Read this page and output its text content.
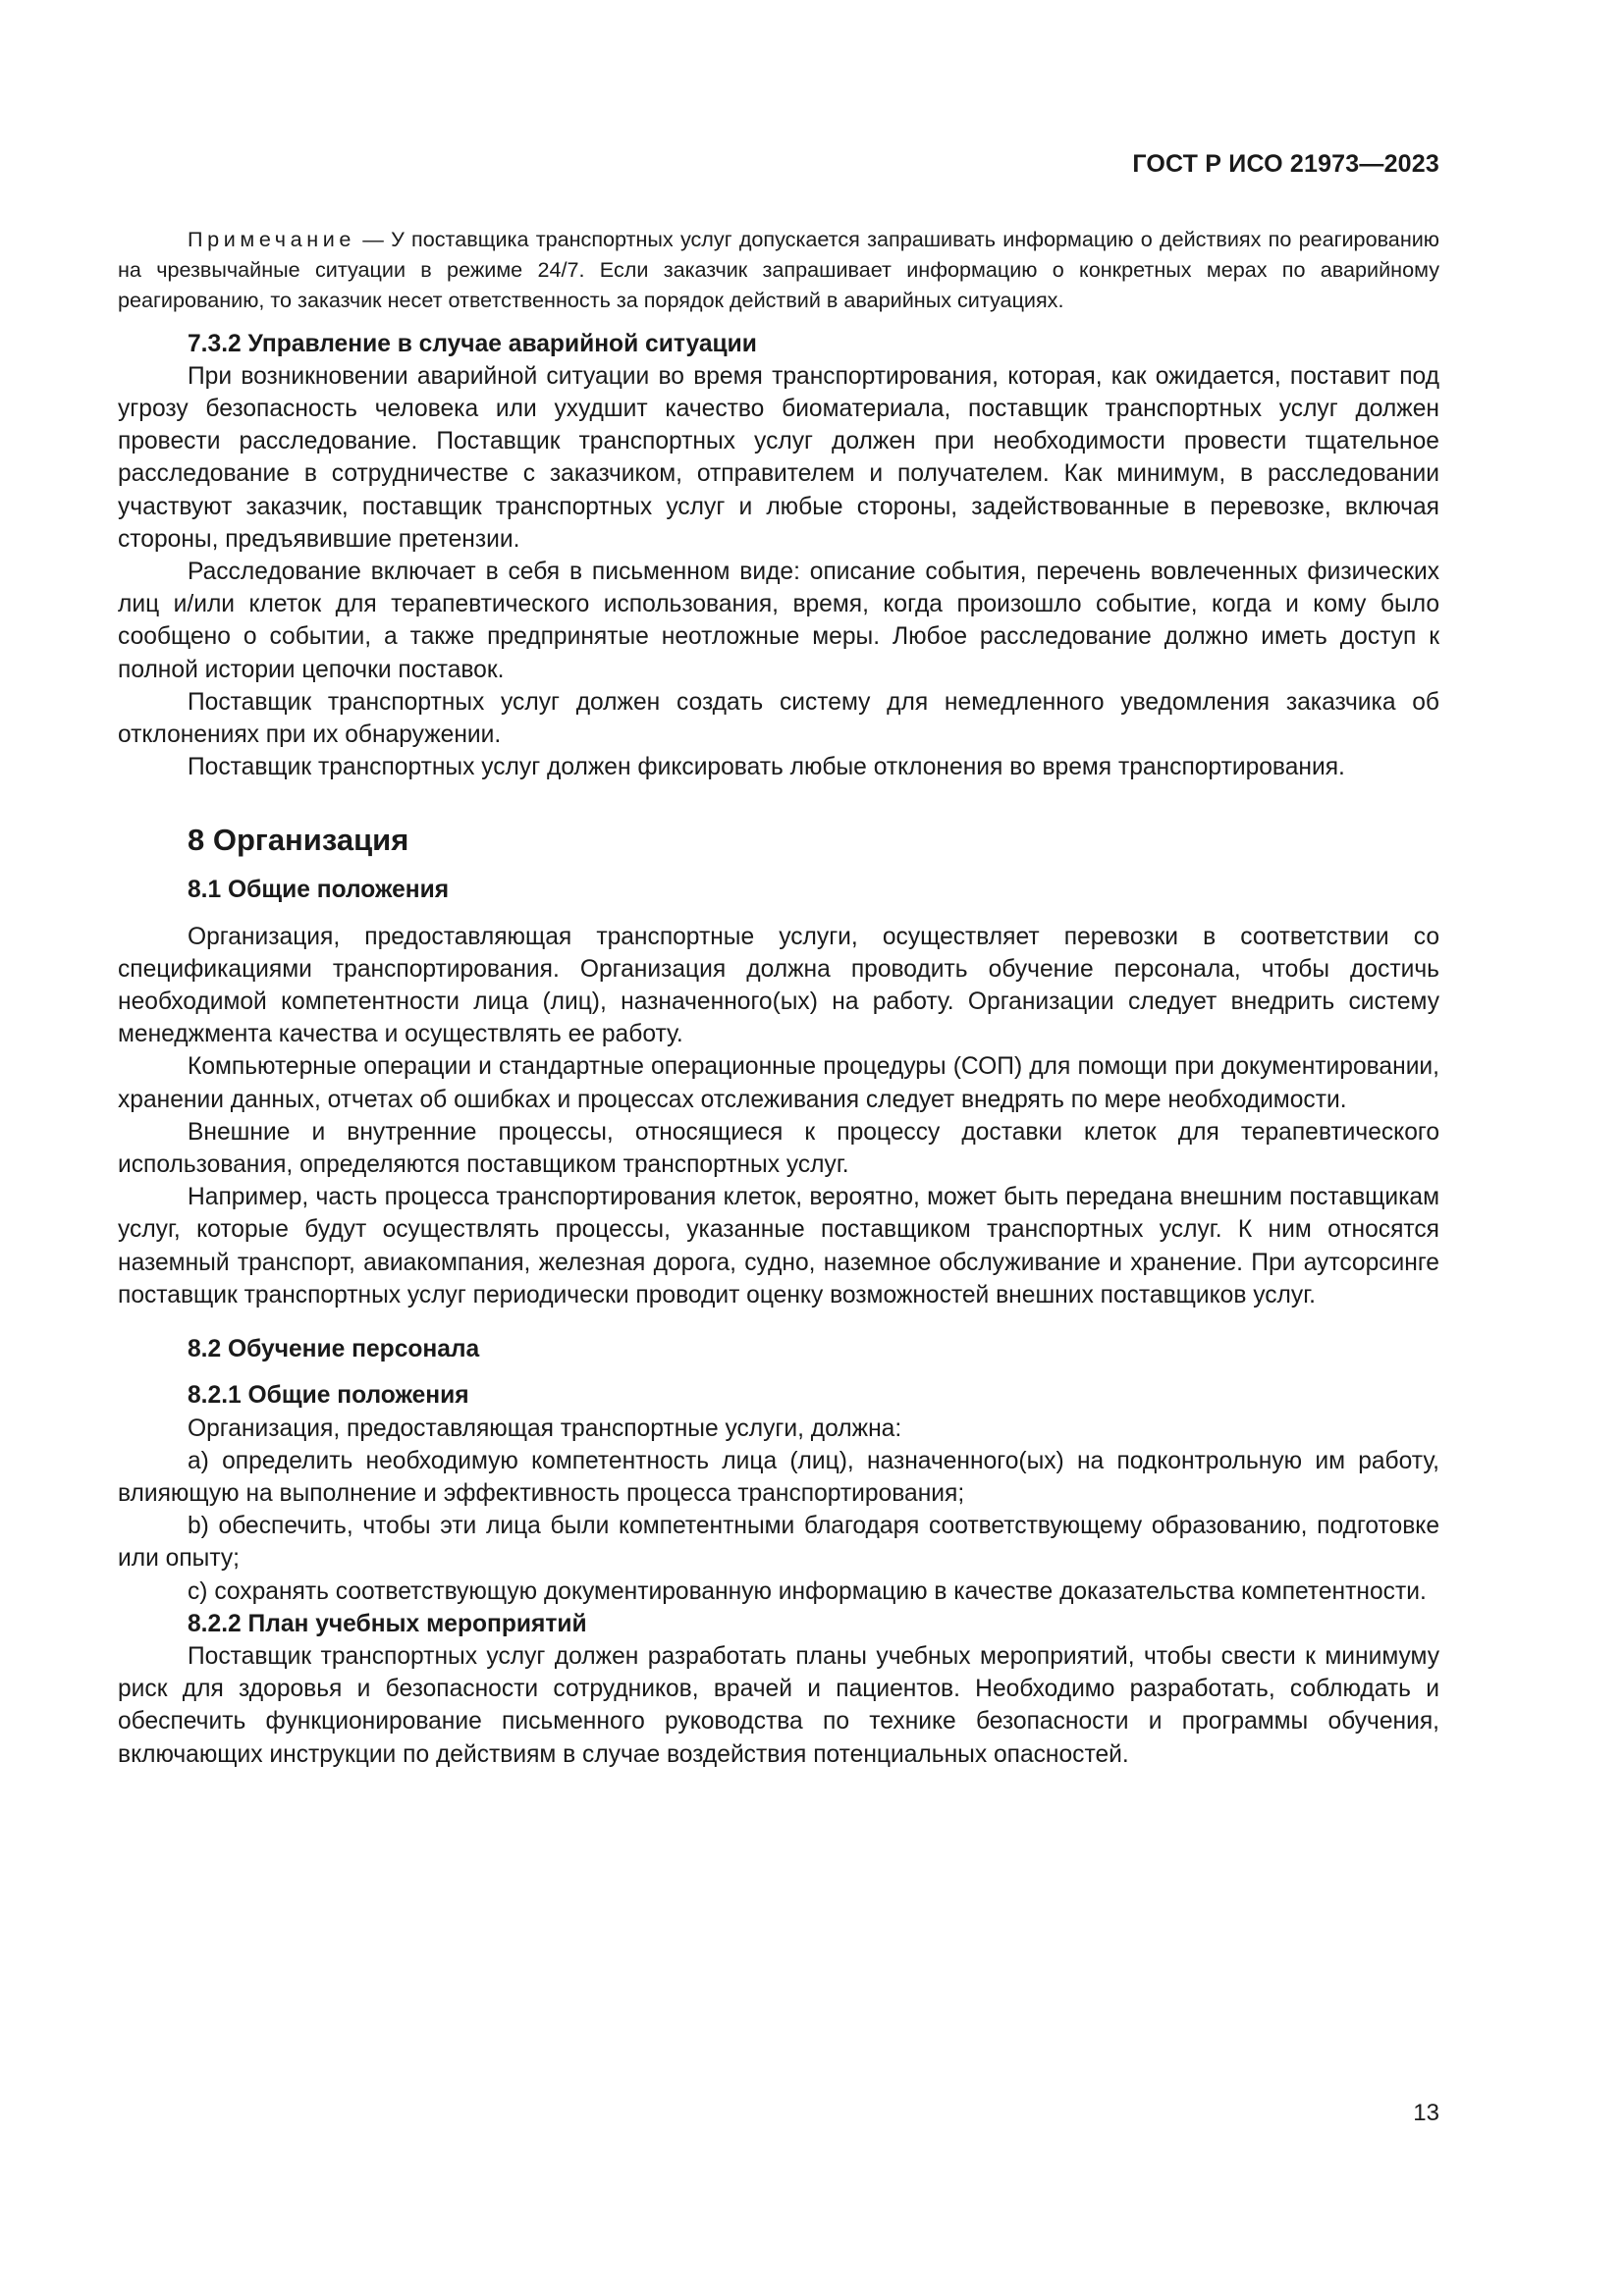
ГОСТ Р ИСО 21973—2023

Примечание — У поставщика транспортных услуг допускается запрашивать информацию о действиях по реагированию на чрезвычайные ситуации в режиме 24/7. Если заказчик запрашивает информацию о конкретных мерах по аварийному реагированию, то заказчик несет ответственность за порядок действий в аварийных ситуациях.

7.3.2 Управление в случае аварийной ситуации

При возникновении аварийной ситуации во время транспортирования, которая, как ожидается, поставит под угрозу безопасность человека или ухудшит качество биоматериала, поставщик транспортных услуг должен провести расследование. Поставщик транспортных услуг должен при необходимости провести тщательное расследование в сотрудничестве с заказчиком, отправителем и получателем. Как минимум, в расследовании участвуют заказчик, поставщик транспортных услуг и любые стороны, задействованные в перевозке, включая стороны, предъявившие претензии.

Расследование включает в себя в письменном виде: описание события, перечень вовлеченных физических лиц и/или клеток для терапевтического использования, время, когда произошло событие, когда и кому было сообщено о событии, а также предпринятые неотложные меры. Любое расследование должно иметь доступ к полной истории цепочки поставок.

Поставщик транспортных услуг должен создать систему для немедленного уведомления заказчика об отклонениях при их обнаружении.

Поставщик транспортных услуг должен фиксировать любые отклонения во время транспортирования.

8 Организация
8.1 Общие положения

Организация, предоставляющая транспортные услуги, осуществляет перевозки в соответствии со спецификациями транспортирования. Организация должна проводить обучение персонала, чтобы достичь необходимой компетентности лица (лиц), назначенного(ых) на работу. Организации следует внедрить систему менеджмента качества и осуществлять ее работу.

Компьютерные операции и стандартные операционные процедуры (СОП) для помощи при документировании, хранении данных, отчетах об ошибках и процессах отслеживания следует внедрять по мере необходимости.

Внешние и внутренние процессы, относящиеся к процессу доставки клеток для терапевтического использования, определяются поставщиком транспортных услуг.

Например, часть процесса транспортирования клеток, вероятно, может быть передана внешним поставщикам услуг, которые будут осуществлять процессы, указанные поставщиком транспортных услуг. К ним относятся наземный транспорт, авиакомпания, железная дорога, судно, наземное обслуживание и хранение. При аутсорсинге поставщик транспортных услуг периодически проводит оценку возможностей внешних поставщиков услуг.

8.2 Обучение персонала
8.2.1 Общие положения

Организация, предоставляющая транспортные услуги, должна:

a) определить необходимую компетентность лица (лиц), назначенного(ых) на подконтрольную им работу, влияющую на выполнение и эффективность процесса транспортирования;

b) обеспечить, чтобы эти лица были компетентными благодаря соответствующему образованию, подготовке или опыту;

c) сохранять соответствующую документированную информацию в качестве доказательства компетентности.

8.2.2 План учебных мероприятий

Поставщик транспортных услуг должен разработать планы учебных мероприятий, чтобы свести к минимуму риск для здоровья и безопасности сотрудников, врачей и пациентов. Необходимо разработать, соблюдать и обеспечить функционирование письменного руководства по технике безопасности и программы обучения, включающих инструкции по действиям в случае воздействия потенциальных опасностей.

13
